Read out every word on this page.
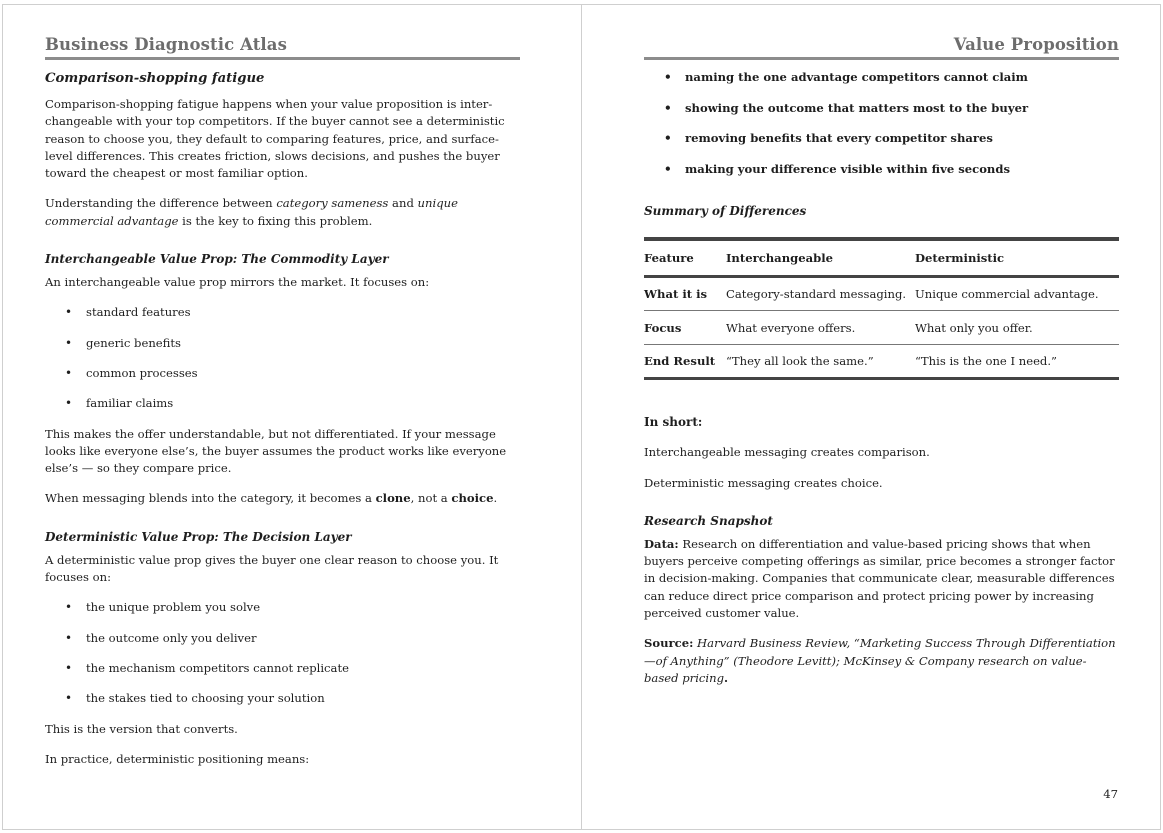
Business Diagnostic Atlas
Comparison-shopping fatigue

Comparison-shopping fatigue happens when your value proposition is interchangeable with your top competitors. If the buyer cannot see a deterministic reason to choose you, they default to comparing features, price, and surface-level differences. This creates friction, slows decisions, and pushes the buyer toward the cheapest or most familiar option.

Understanding the difference between category sameness and unique commercial advantage is the key to fixing this problem.

Interchangeable Value Prop: The Commodity Layer

An interchangeable value prop mirrors the market. It focuses on:

• standard features
• generic benefits
• common processes
• familiar claims

This makes the offer understandable, but not differentiated. If your message looks like everyone else’s, the buyer assumes the product works like everyone else’s — so they compare price.

When messaging blends into the category, it becomes a clone, not a choice.

Deterministic Value Prop: The Decision Layer

A deterministic value prop gives the buyer one clear reason to choose you. It focuses on:

• the unique problem you solve
• the outcome only you deliver
• the mechanism competitors cannot replicate
• the stakes tied to choosing your solution

This is the version that converts.

In practice, deterministic positioning means:

Value Proposition
• naming the one advantage competitors cannot claim
• showing the outcome that matters most to the buyer
• removing benefits that every competitor shares
• making your difference visible within five seconds
Summary of Differences
Feature	Interchangeable	Deterministic
What it is	Category-standard messaging.	Unique commercial advantage.
Focus	What everyone offers.	What only you offer.
End Result	“They all look the same.”	“This is the one I need.”

In short:

Interchangeable messaging creates comparison.

Deterministic messaging creates choice.

Research Snapshot

Data: Research on differentiation and value-based pricing shows that when buyers perceive competing offerings as similar, price becomes a stronger factor in decision-making. Companies that communicate clear, measurable differences can reduce direct price comparison and protect pricing power by increasing perceived customer value.

Source: Harvard Business Review, “Marketing Success Through Differentiation—of Anything” (Theodore Levitt); McKinsey & Company research on value-based pricing.

47
